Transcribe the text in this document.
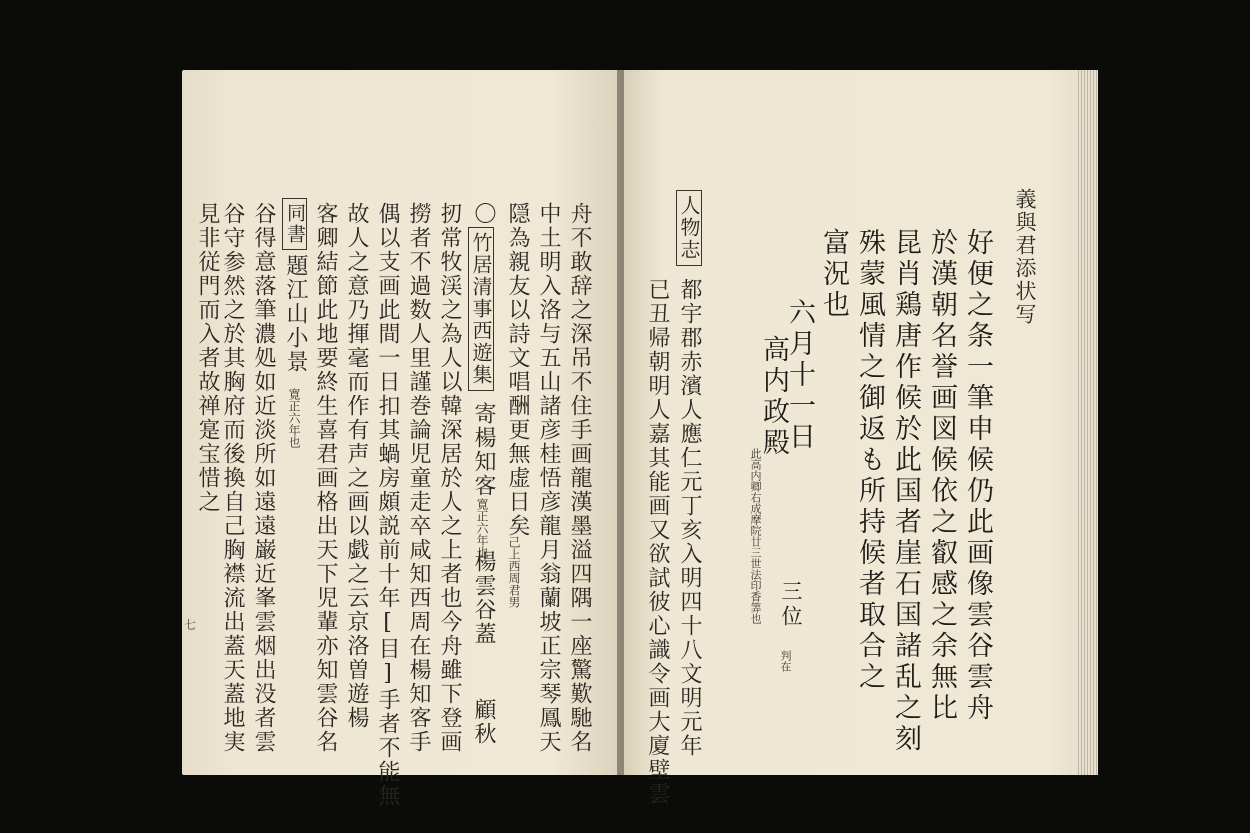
舟不敢辞之深吊不住手画龍漢墨溢四隅一座驚歎馳名
中土明入洛与五山諸彦桂悟彦龍月翁蘭坡正宗琴鳳天
隠為親友以詩文唱酬更無虚日矣
己上西周君男
〇
竹居清事西遊集
寄楊知客
寛正六年也
楊雲谷蓋
顧秋
扨常牧渓之為人以韓深居於人之上者也今舟雖下登画
撈者不過数人里謹巻論児童走卒咸知西周在楊知客手
偶以支画此間一日扣其蝸房頗説前十年[目]手者不能無
故人之意乃揮毫而作有声之画以戯之云京洛曽遊楊
客卿結節此地要終生喜君画格出天下児輩亦知雲谷名
同書
題江山小景
寛正六年也
谷得意落筆濃処如近淡所如遠遠巌近峯雲烟出没者雲
谷守参然之於其胸府而後換自己胸襟流出蓋天蓋地実
見非従門而入者故禅寔宝惜之
七
義與君添状写
好便之条一筆申候仍此画像雲谷雲舟
於漢朝名誉画図候依之叡感之余無比
昆肖鶏唐作候於此国者崖石国諸乱之刻
殊蒙風情之御返も所持候者取合之
富況也
六月十一日
高内政殿
此高内卿右成摩院廿三世法印香筭也 三位
判在
人物志
都宇郡赤濱人應仁元丁亥入明四十八文明元年
已丑帰朝明人嘉其能画又欲試彼心識令画大廈壁雲
